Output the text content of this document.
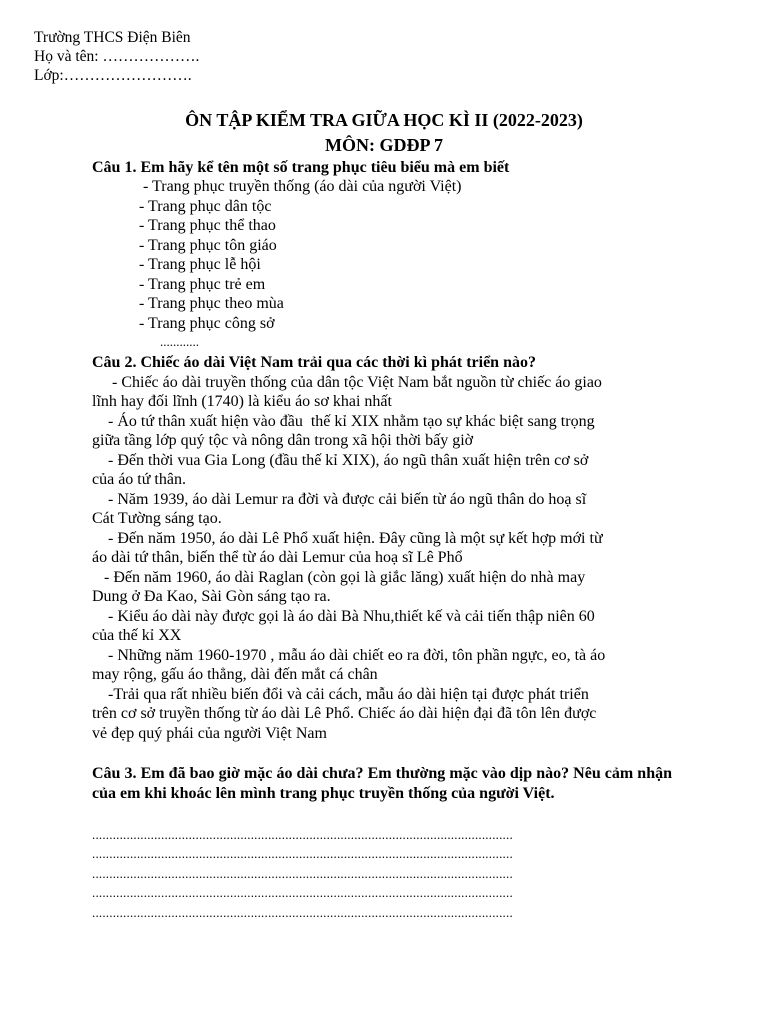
Trường THCS Điện Biên
Họ và tên: ……………….
Lớp:…………………….
ÔN TẬP KIỂM TRA GIỮA HỌC KÌ II (2022-2023)
MÔN: GDĐP 7
Câu 1. Em hãy kể tên một số trang phục tiêu biểu mà em biết
- Trang phục truyền thống (áo dài của người Việt)
- Trang phục dân tộc
- Trang phục thể thao
- Trang phục tôn giáo
- Trang phục lễ hội
- Trang phục trẻ em
- Trang phục theo mùa
- Trang phục công sở
............
Câu 2. Chiếc áo dài Việt Nam trải qua các thời kì phát triển nào?
- Chiếc áo dài truyền thống của dân tộc Việt Nam bắt nguồn từ chiếc áo giao
lĩnh hay đối lĩnh (1740) là kiểu áo sơ khai nhất
- Áo tứ thân xuất hiện vào đầu  thế kỉ XIX nhằm tạo sự khác biệt sang trọng
giữa tầng lớp quý tộc và nông dân trong xã hội thời bấy giờ
- Đến thời vua Gia Long (đầu thế kỉ XIX), áo ngũ thân xuất hiện trên cơ sở
của áo tứ thân.
- Năm 1939, áo dài Lemur ra đời và được cải biến từ áo ngũ thân do hoạ sĩ
Cát Tường sáng tạo.
- Đến năm 1950, áo dài Lê Phổ xuất hiện. Đây cũng là một sự kết hợp mới từ
áo dài tứ thân, biến thể từ áo dài Lemur của hoạ sĩ Lê Phổ
- Đến năm 1960, áo dài Raglan (còn gọi là giắc lăng) xuất hiện do nhà may
Dung ở Đa Kao, Sài Gòn sáng tạo ra.
- Kiểu áo dài này được gọi là áo dài Bà Nhu,thiết kế và cải tiến thập niên 60
của thế kỉ XX
- Những năm 1960-1970 , mẫu áo dài chiết eo ra đời, tôn phần ngực, eo, tà áo
may rộng, gấu áo thẳng, dài đến mắt cá chân
-Trải qua rất nhiều biến đổi và cải cách, mẫu áo dài hiện tại được phát triển
trên cơ sở truyền thống từ áo dài Lê Phổ. Chiếc áo dài hiện đại đã tôn lên được
vẻ đẹp quý phái của người Việt Nam
Câu 3. Em đã bao giờ mặc áo dài chưa? Em thường mặc vào dịp nào? Nêu cảm nhận của em khi khoác lên mình trang phục truyền thống của người Việt.
..........................................................................................................................
..........................................................................................................................
..........................................................................................................................
..........................................................................................................................
..........................................................................................................................
